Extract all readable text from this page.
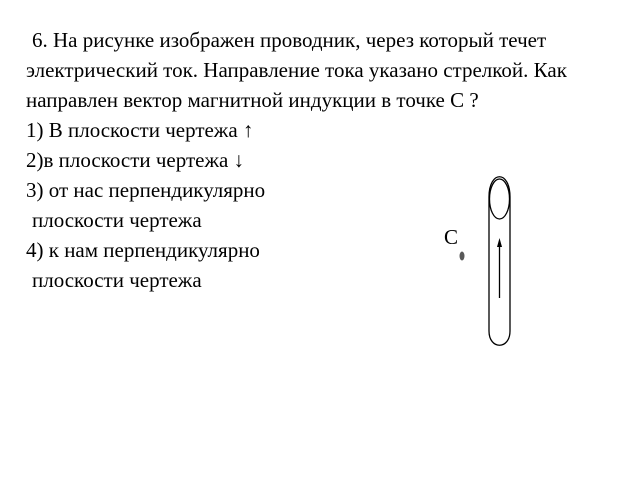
6. На рисунке изображен проводник, через который течет электрический ток. Направление тока указано стрелкой. Как направлен вектор магнитной индукции в точке С ?

1) В плоскости чертежа ↑
2)в плоскости чертежа ↓
3) от нас перпендикулярно
плоскости чертежа
4) к нам перпендикулярно
плоскости чертежа
С
